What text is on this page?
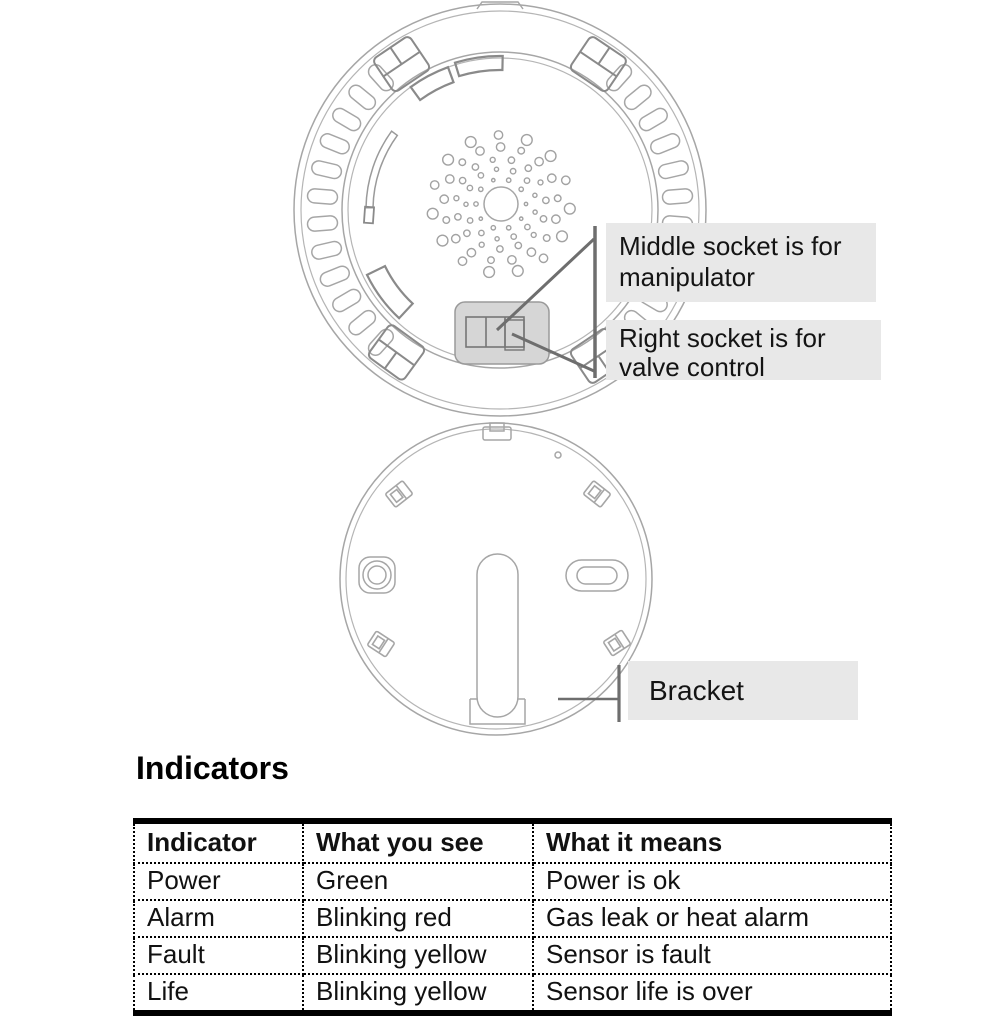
Middle socket is for
manipulator
Right socket is for
valve control
Bracket
Indicators
Indicator	What you see	What it means
Power	Green	Power is ok
Alarm	Blinking red	Gas leak or heat alarm
Fault	Blinking yellow	Sensor is fault
Life	Blinking yellow	Sensor life is over
